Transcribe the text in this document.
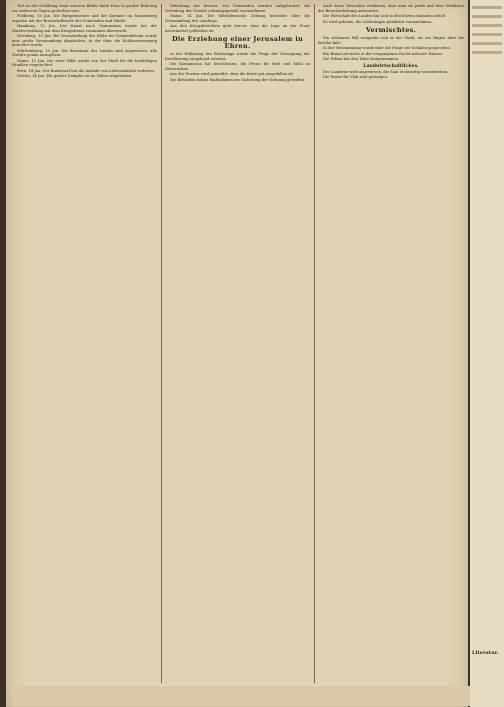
Tod ist der Gefüllung einer unteren Bildes hatte Frau in großer Rührung vor mehreren Tagen gestorben sein.

Feldberg, 15 Jan. Die Bürgermeister und der Kämmer im Sonnenberg ergaben mit der Brennstoffstrafe der Gemeinden und Städte.

Hamburg, 15 Jan. Der Kanal nach Gymnasium wurde bei der Stadtverwaltung mit dem Kriegsdienst zusammen überreicht.

Nürnberg, 15 Jan. Bei Veranstaltung des Klubs im Gemeindeheim wurde eine große Versammlung abgehalten, in der über die Kohlenversorgung berichtet wurde.

Württemberg, 15 Jan. Die Bewohner des Landes sind angewiesen, alle Vorräte genau anzugeben.

Mainz, 15 Jan. Die erste Hilfe wurde von der Stadt für die bedürftigen Familien eingerichtet.

Bern, 14 Jan. Der Bundesrat hat die Ausfuhr von Lebensmitteln verboten.

Stettin, 14 Jan. Ein großer Dampfer ist im Hafen eingelaufen.

Mitteilung des Kreises. Die Gemeinden werden aufgefordert, die Verteilung der Vorräte ordnungsgemäß vorzunehmen.

Mainz, 14 Jan. Die Mitteldeutsche Zeitung berichtet über die Versammlung des Landtags.

Aus den Kriegsberichten geht hervor, dass die Lage an der Front unverändert geblieben ist.

Die Erziehung einer Jerusalem in Ehren.

In der Erklärung des Reichstags wurde die Frage der Versorgung der Bevölkerung eingehend erörtert.

Die Kommission hat beschlossen, die Preise für Brot und Mehl zu überwachen.

Aus der Provinz wird gemeldet, dass die Ernte gut ausgefallen ist.

Die Behörden haben Maßnahmen zur Sicherung der Ordnung getroffen.

Auch diese Tatsachen verdienen, dass man sie prüfe und dem Verfahren der Beweiserhebung unterziehe.

Die Wirtschaft des Landes hat sich in den letzten Monaten erholt.

Es wird gebeten, die Lieferungen pünktlich vorzunehmen.

Vermischtes.

Ein seltsamer Fall ereignete sich in der Stadt, als ein Wagen über die Brücke fuhr.

In der Versammlung wurde über die Frage der Schulen gesprochen.

Ein Brand zerstörte in der vergangenen Nacht mehrere Häuser.

Die Polizei hat den Täter festgenommen.

Landwirtschaftliches.

Der Landwirt wird angewiesen, die Saat rechtzeitig vorzubereiten.

Die Preise für Vieh sind gestiegen.

Literatur.
